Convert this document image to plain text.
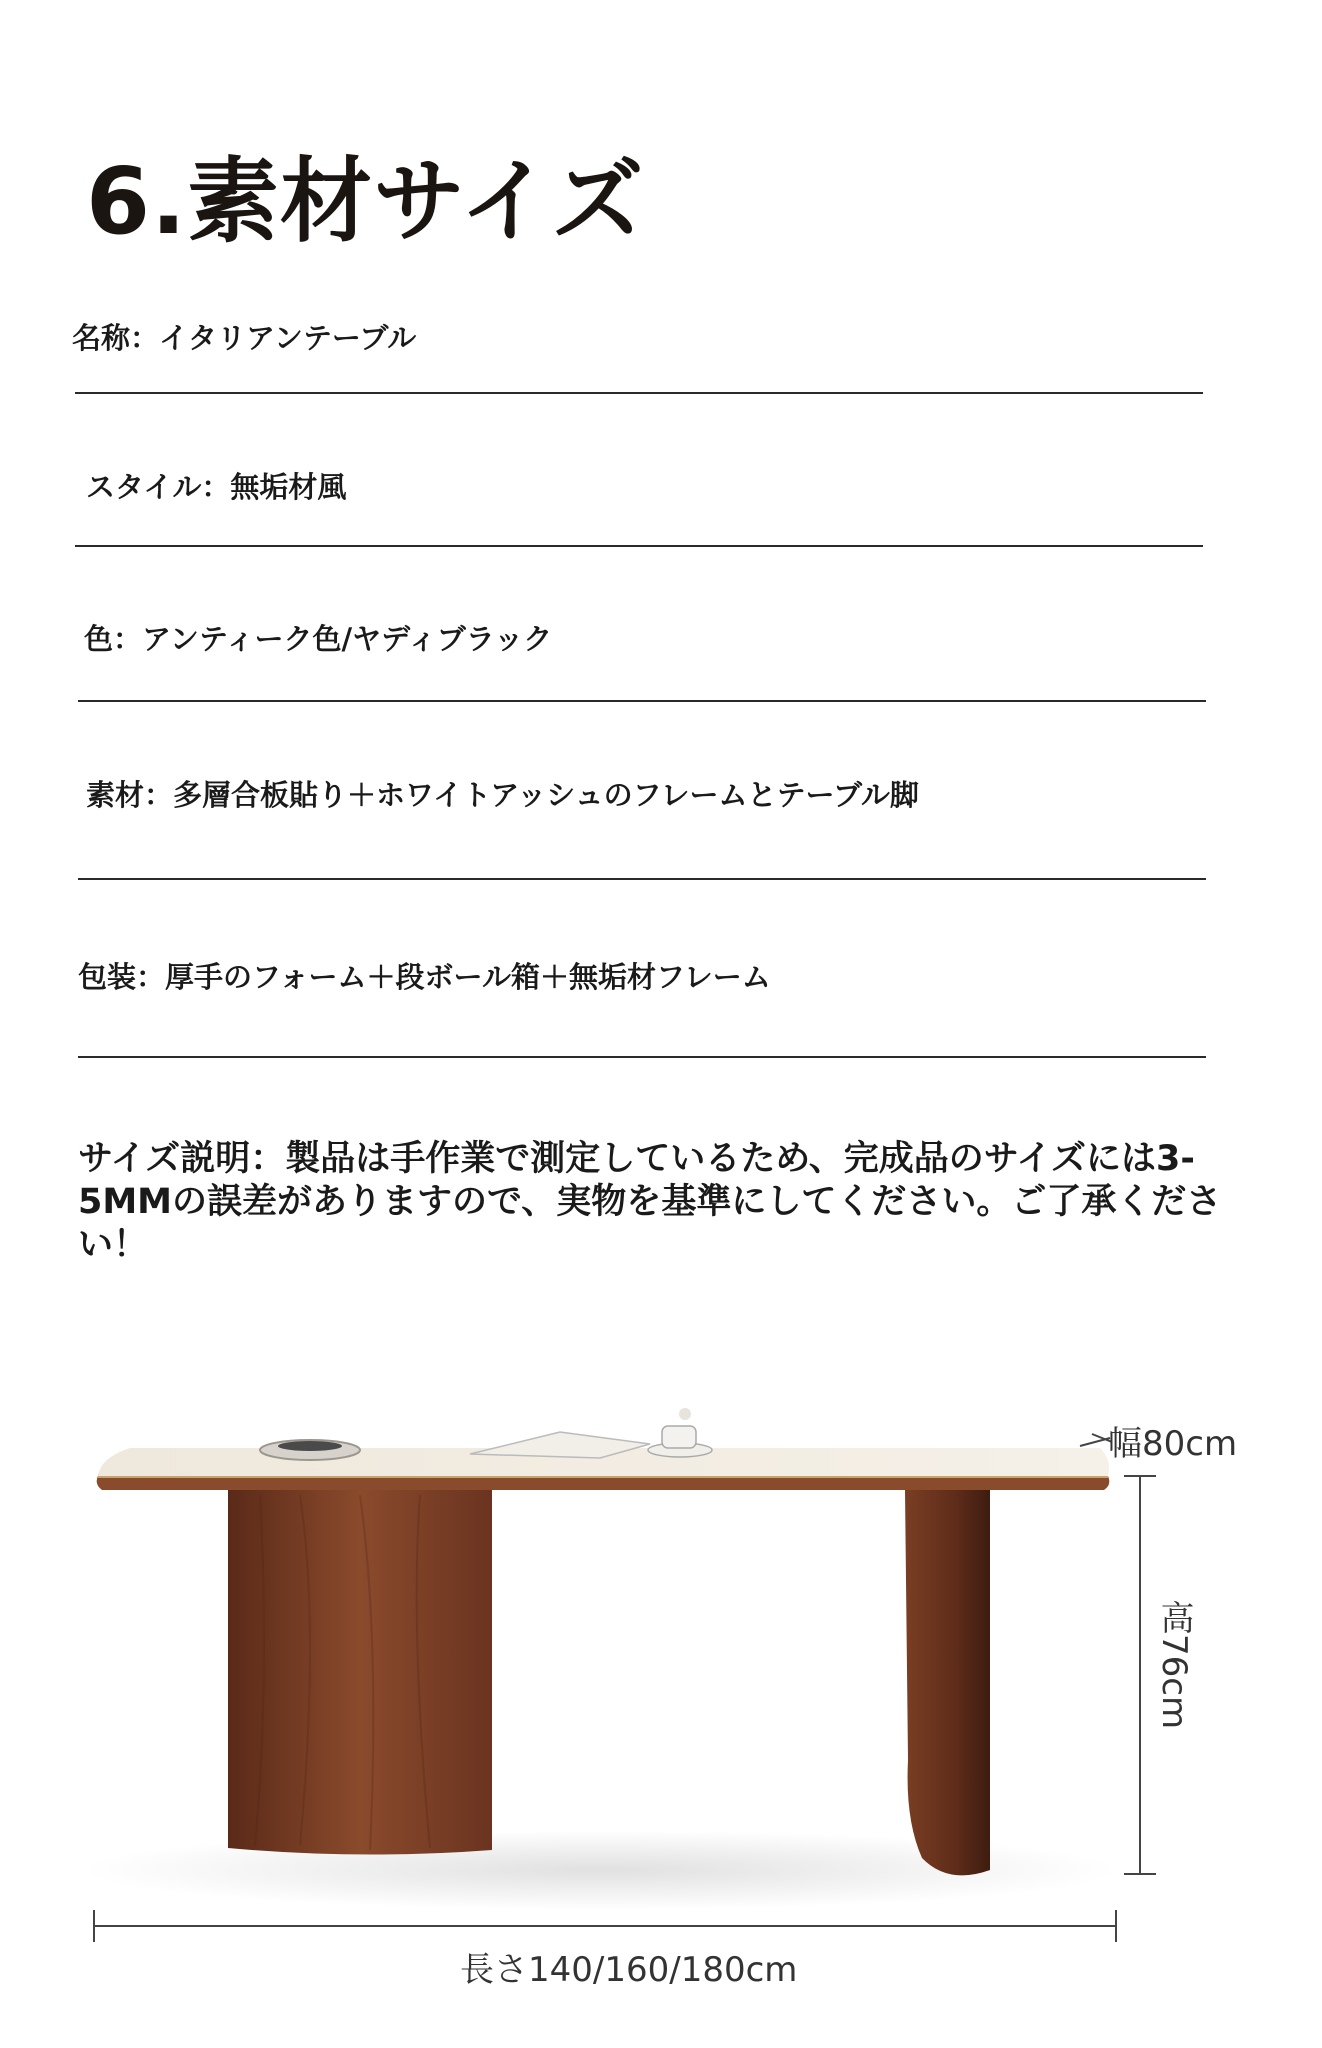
6.素材サイズ
名称：イタリアンテーブル
スタイル：無垢材風
色：アンティーク色/ヤディブラック
素材：多層合板貼り＋ホワイトアッシュのフレームとテーブル脚
包装：厚手のフォーム＋段ボール箱＋無垢材フレーム
サイズ説明：製品は手作業で測定しているため、完成品のサイズには3-5MMの誤差がありますので、実物を基準にしてください。ご了承ください！
幅80cm
高76cm
長さ140/160/180cm
